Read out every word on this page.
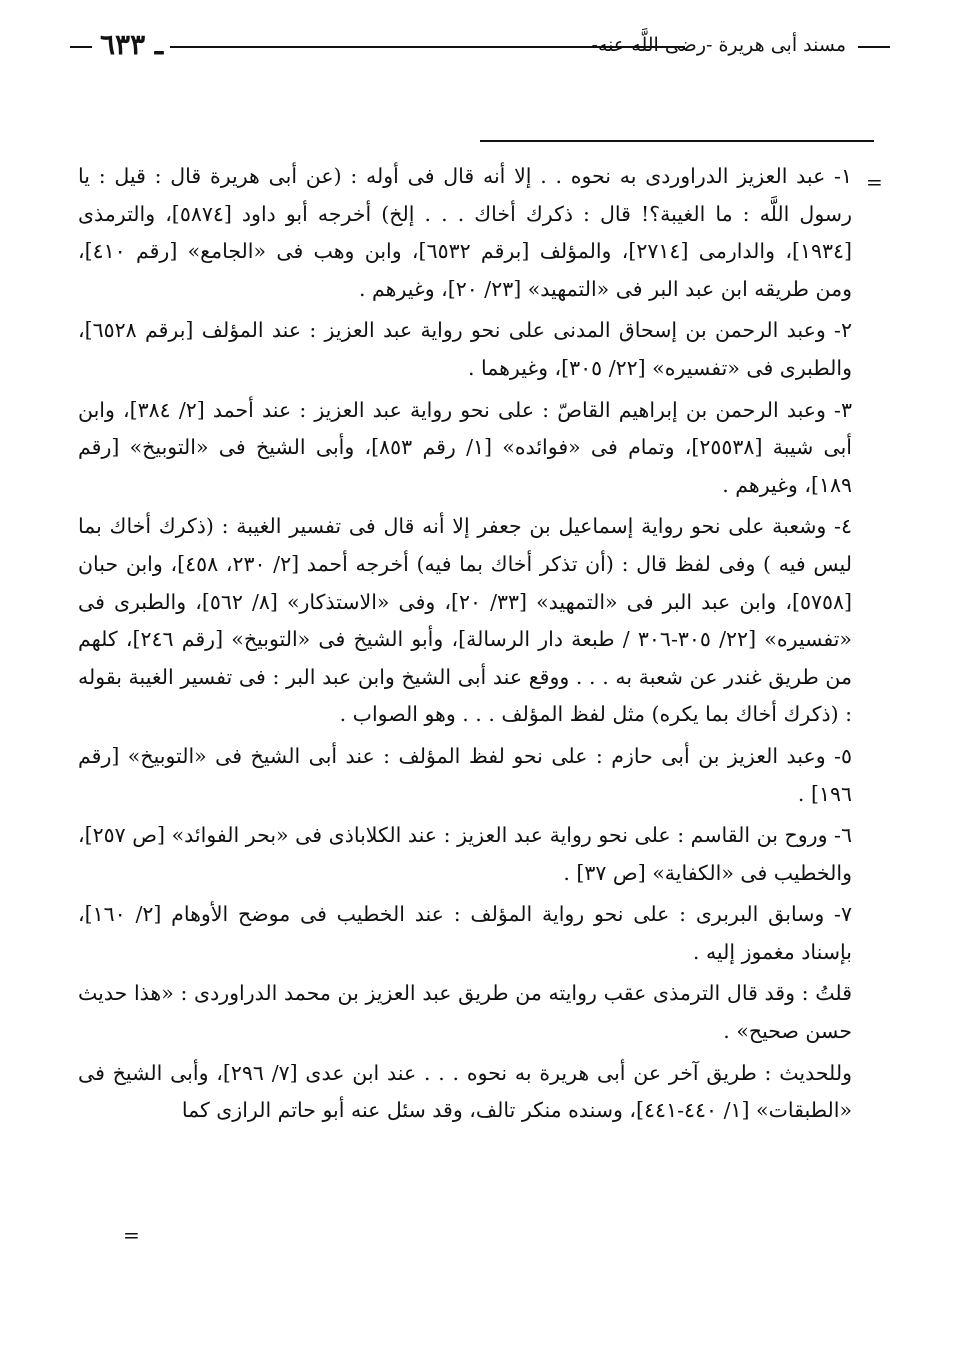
ـ ٦٣٣	مسند أبى هريرة -رضى اللَّه عنه-
=

١- عبد العزيز الدراوردى به نحوه . . إلا أنه قال فى أوله : (عن أبى هريرة قال : قيل : يا رسول اللَّه : ما الغيبة؟! قال : ذكرك أخاك . . . إلخ) أخرجه أبو داود [٥٨٧٤]، والترمذى [١٩٣٤]، والدارمى [٢٧١٤]، والمؤلف [برقم ٦٥٣٢]، وابن وهب فى «الجامع» [رقم ٤١٠]، ومن طريقه ابن عبد البر فى «التمهيد» [٢٣/ ٢٠]، وغيرهم .

٢- وعبد الرحمن بن إسحاق المدنى على نحو رواية عبد العزيز : عند المؤلف [برقم ٦٥٢٨]، والطبرى فى «تفسيره» [٢٢/ ٣٠٥]، وغيرهما .

٣- وعبد الرحمن بن إبراهيم القاصّ : على نحو رواية عبد العزيز : عند أحمد [٢/ ٣٨٤]، وابن أبى شيبة [٢٥٥٣٨]، وتمام فى «فوائده» [١/ رقم ٨٥٣]، وأبى الشيخ فى «التوبيخ» [رقم ١٨٩]، وغيرهم .

٤- وشعبة على نحو رواية إسماعيل بن جعفر إلا أنه قال فى تفسير الغيبة : (ذكرك أخاك بما ليس فيه ) وفى لفظ قال : (أن تذكر أخاك بما فيه) أخرجه أحمد [٢/ ٢٣٠، ٤٥٨]، وابن حبان [٥٧٥٨]، وابن عبد البر فى «التمهيد» [٣٣/ ٢٠]، وفى «الاستذكار» [٨/ ٥٦٢]، والطبرى فى «تفسيره» [٢٢/ ٣٠٥-٣٠٦ / طبعة دار الرسالة]، وأبو الشيخ فى «التوبيخ» [رقم ٢٤٦]، كلهم من طريق غندر عن شعبة به . . . ووقع عند أبى الشيخ وابن عبد البر : فى تفسير الغيبة بقوله : (ذكرك أخاك بما يكره) مثل لفظ المؤلف . . . وهو الصواب .

٥- وعبد العزيز بن أبى حازم : على نحو لفظ المؤلف : عند أبى الشيخ فى «التوبيخ» [رقم ١٩٦] .

٦- وروح بن القاسم : على نحو رواية عبد العزيز : عند الكلاباذى فى «بحر الفوائد» [ص ٢٥٧]، والخطيب فى «الكفاية» [ص ٣٧] .

٧- وسابق البربرى : على نحو رواية المؤلف : عند الخطيب فى موضح الأوهام [٢/ ١٦٠]، بإسناد مغموز إليه .

قلتُ : وقد قال الترمذى عقب روايته من طريق عبد العزيز بن محمد الدراوردى : «هذا حديث حسن صحيح» .

وللحديث : طريق آخر عن أبى هريرة به نحوه . . . عند ابن عدى [٧/ ٢٩٦]، وأبى الشيخ فى «الطبقات» [١/ ٤٤٠-٤٤١]، وسنده منكر تالف، وقد سئل عنه أبو حاتم الرازى كما

=
